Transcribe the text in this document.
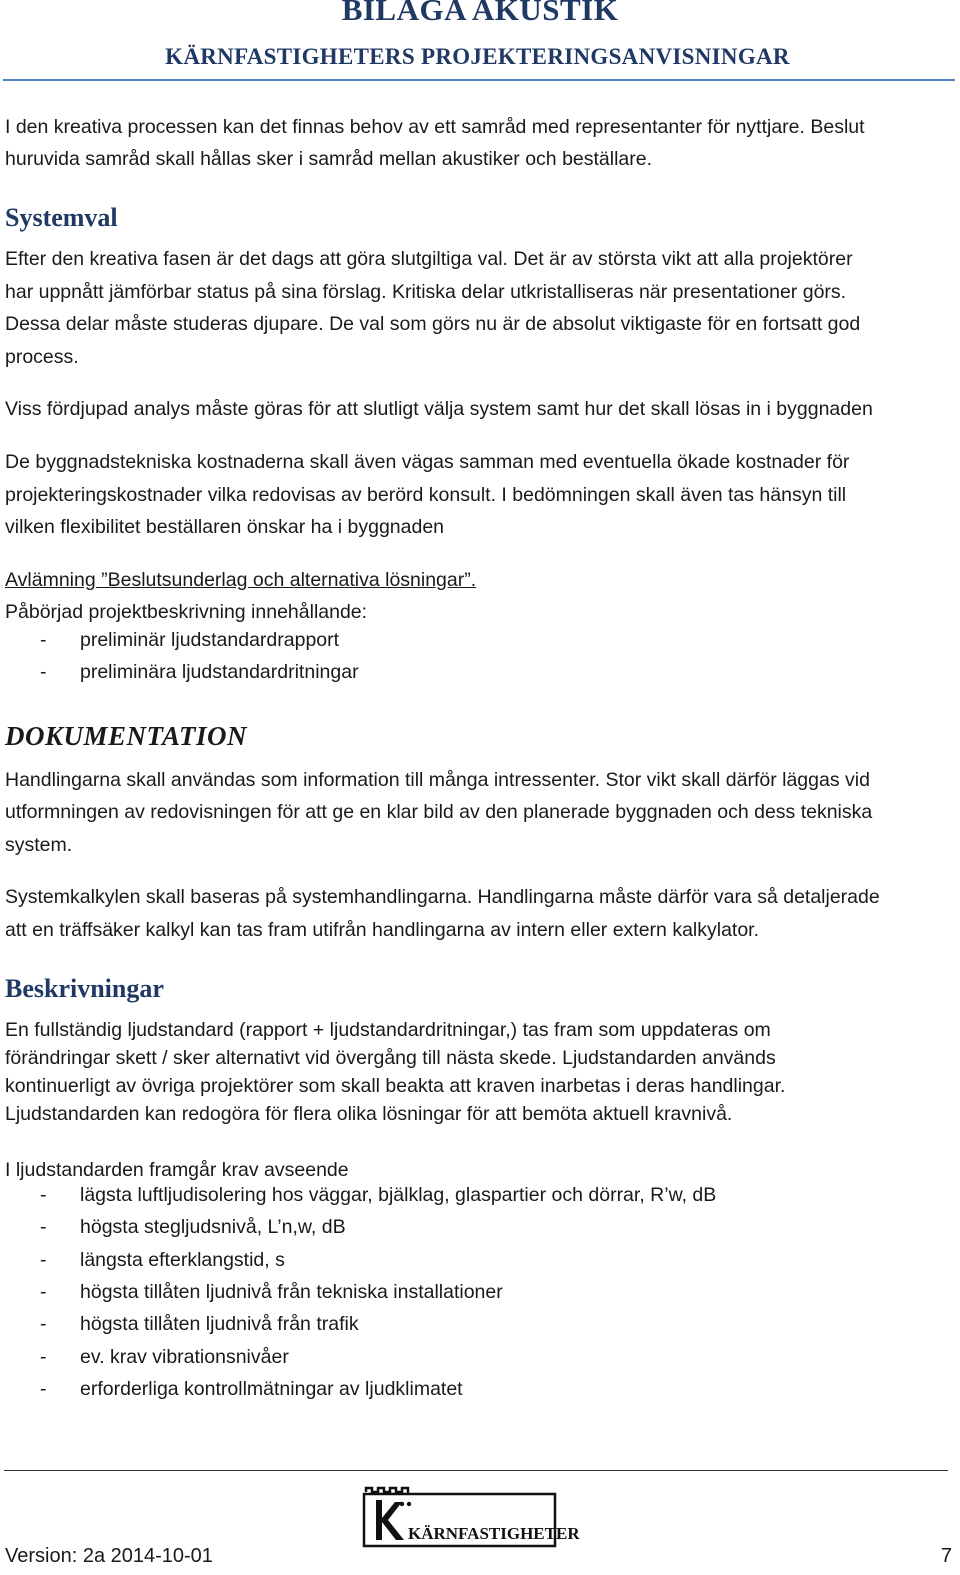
BILAGA AKUSTIK
KÄRNFASTIGHETERS PROJEKTERINGSANVISNINGAR
I den kreativa processen kan det finnas behov av ett samråd med representanter för nyttjare. Beslut
huruvida samråd skall hållas sker i samråd mellan akustiker och beställare.
Systemval
Efter den kreativa fasen är det dags att göra slutgiltiga val. Det är av största vikt att alla projektörer
har uppnått jämförbar status på sina förslag. Kritiska delar utkristalliseras när presentationer görs.
Dessa delar måste studeras djupare. De val som görs nu är de absolut viktigaste för en fortsatt god
process.
Viss fördjupad analys måste göras för att slutligt välja system samt hur det skall lösas in i byggnaden
De byggnadstekniska kostnaderna skall även vägas samman med eventuella ökade kostnader för
projekteringskostnader vilka redovisas av berörd konsult. I bedömningen skall även tas hänsyn till
vilken flexibilitet beställaren önskar ha i byggnaden
Avlämning ”Beslutsunderlag och alternativa lösningar”.
Påbörjad projektbeskrivning innehållande:
- preliminär ljudstandardrapport
- preliminära ljudstandardritningar
DOKUMENTATION
Handlingarna skall användas som information till många intressenter. Stor vikt skall därför läggas vid
utformningen av redovisningen för att ge en klar bild av den planerade byggnaden och dess tekniska
system.
Systemkalkylen skall baseras på systemhandlingarna. Handlingarna måste därför vara så detaljerade
att en träffsäker kalkyl kan tas fram utifrån handlingarna av intern eller extern kalkylator.
Beskrivningar
En fullständig ljudstandard (rapport + ljudstandardritningar,) tas fram som uppdateras om
förändringar skett / sker alternativt vid övergång till nästa skede. Ljudstandarden används
kontinuerligt av övriga projektörer som skall beakta att kraven inarbetas i deras handlingar.
Ljudstandarden kan redogöra för flera olika lösningar för att bemöta aktuell kravnivå.
I ljudstandarden framgår krav avseende
- lägsta luftljudisolering hos väggar, bjälklag, glaspartier och dörrar, R’w, dB
- högsta stegljudsnivå, L’n,w, dB
- längsta efterklangstid, s
- högsta tillåten ljudnivå från tekniska installationer
- högsta tillåten ljudnivå från trafik
- ev. krav vibrationsnivåer
- erforderliga kontrollmätningar av ljudklimatet
KÄRNFASTIGHETER
Version: 2a 2014-10-01	7
